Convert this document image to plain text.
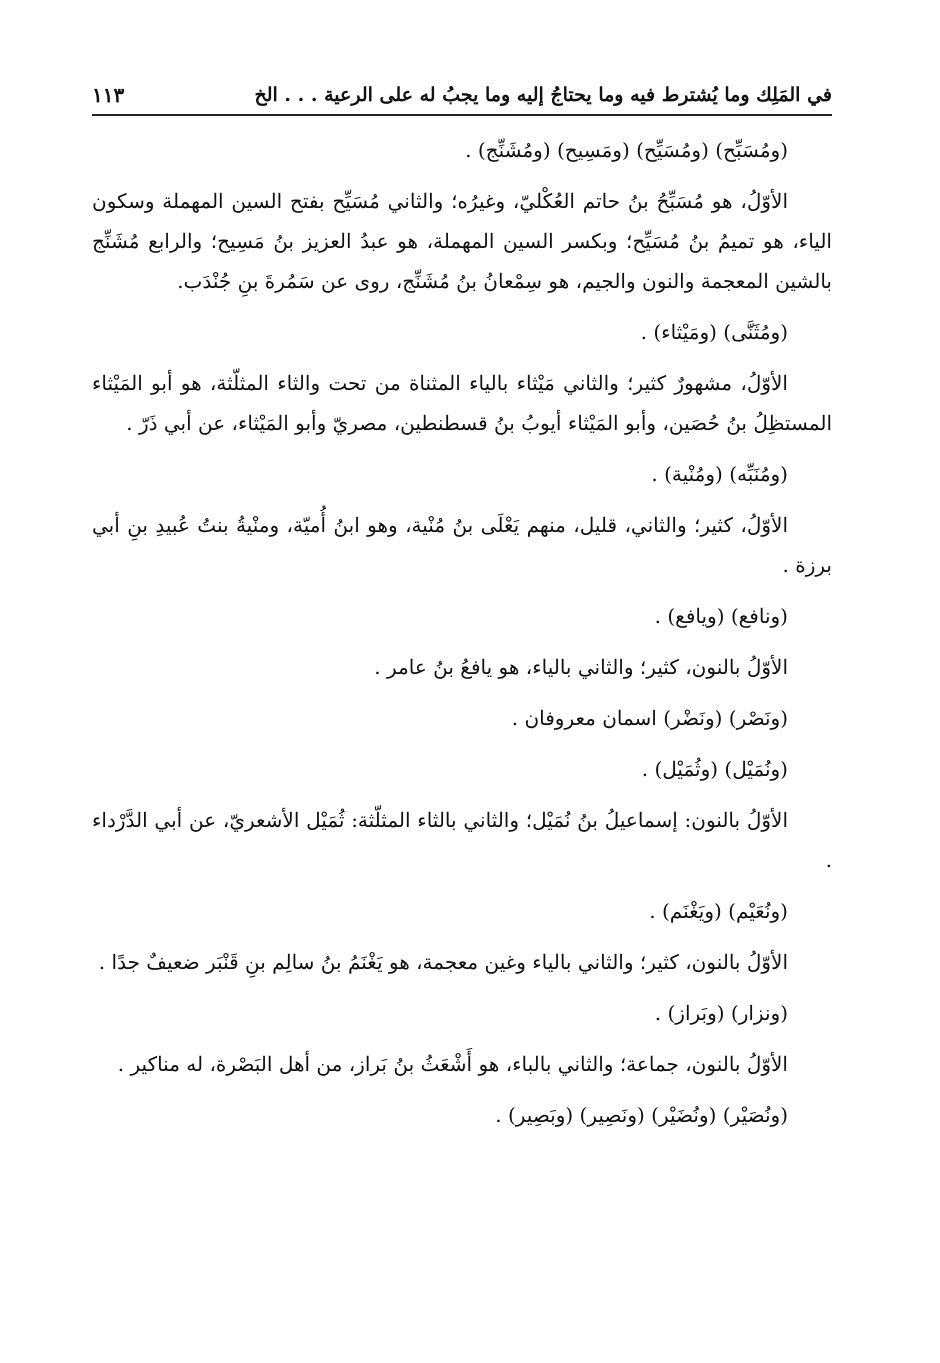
في المَلِك وما يُشترط فيه وما يحتاجُ إليه وما يجبُ له على الرعية . . . الخ
١١٣

(ومُسَبِّح) (ومُسَيِّح) (ومَسِيح) (ومُشَنِّج) .

الأوّلُ، هو مُسَبِّحُ بنُ حاتم العُكْليّ، وغيرُه؛ والثاني مُسَيِّح بفتح السين المهملة وسكون الياء، هو تميمُ بنُ مُسَيِّح؛ وبكسر السين المهملة، هو عبدُ العزيز بنُ مَسِيح؛ والرابع مُشَنِّج بالشين المعجمة والنون والجيم، هو سِمْعانُ بنُ مُشَنِّج، روى عن سَمُرةَ بنِ جُنْدَب.

(ومُثَنَّى) (ومَيْثاء) .

الأوّلُ، مشهورٌ كثير؛ والثاني مَيْثاء بالياء المثناة من تحت والثاء المثلّثة، هو أبو المَيْثاء المستظِلُ بنُ حُصَين، وأبو المَيْثاء أيوبُ بنُ قسطنطين، مصريّ وأبو المَيْثاء، عن أبي ذَرّ .

(ومُنَبِّه) (ومُنْية) .

الأوّلُ، كثير؛ والثاني، قليل، منهم يَعْلَى بنُ مُنْية، وهو ابنُ أُميّة، ومنْيةُ بنتُ عُبيدِ بنِ أبي برزة .

(ونافع) (ويافع) .

الأوّلُ بالنون، كثير؛ والثاني بالياء، هو يافعُ بنُ عامر .

(ونَصْر) (ونَضْر) اسمان معروفان .

(ونُمَيْل) (وثُمَيْل) .

الأوّلُ بالنون: إسماعيلُ بنُ نُمَيْل؛ والثاني بالثاء المثلّثة: ثُمَيْل الأشعريّ، عن أبي الدَّرْداء .

(ونُعَيْم) (ويَغْنَم) .

الأوّلُ بالنون، كثير؛ والثاني بالياء وغين معجمة، هو يَغْنَمُ بنُ سالِم بنِ قَنْبَر ضعيفٌ جدًا .

(ونزار) (وبَراز) .

الأوّلُ بالنون، جماعة؛ والثاني بالباء، هو أَشْعَثُ بنُ بَراز، من أهل البَصْرة، له مناكير .

(ونُصَيْر) (ونُضَيْر) (ونَصِير) (وبَصِير) .
